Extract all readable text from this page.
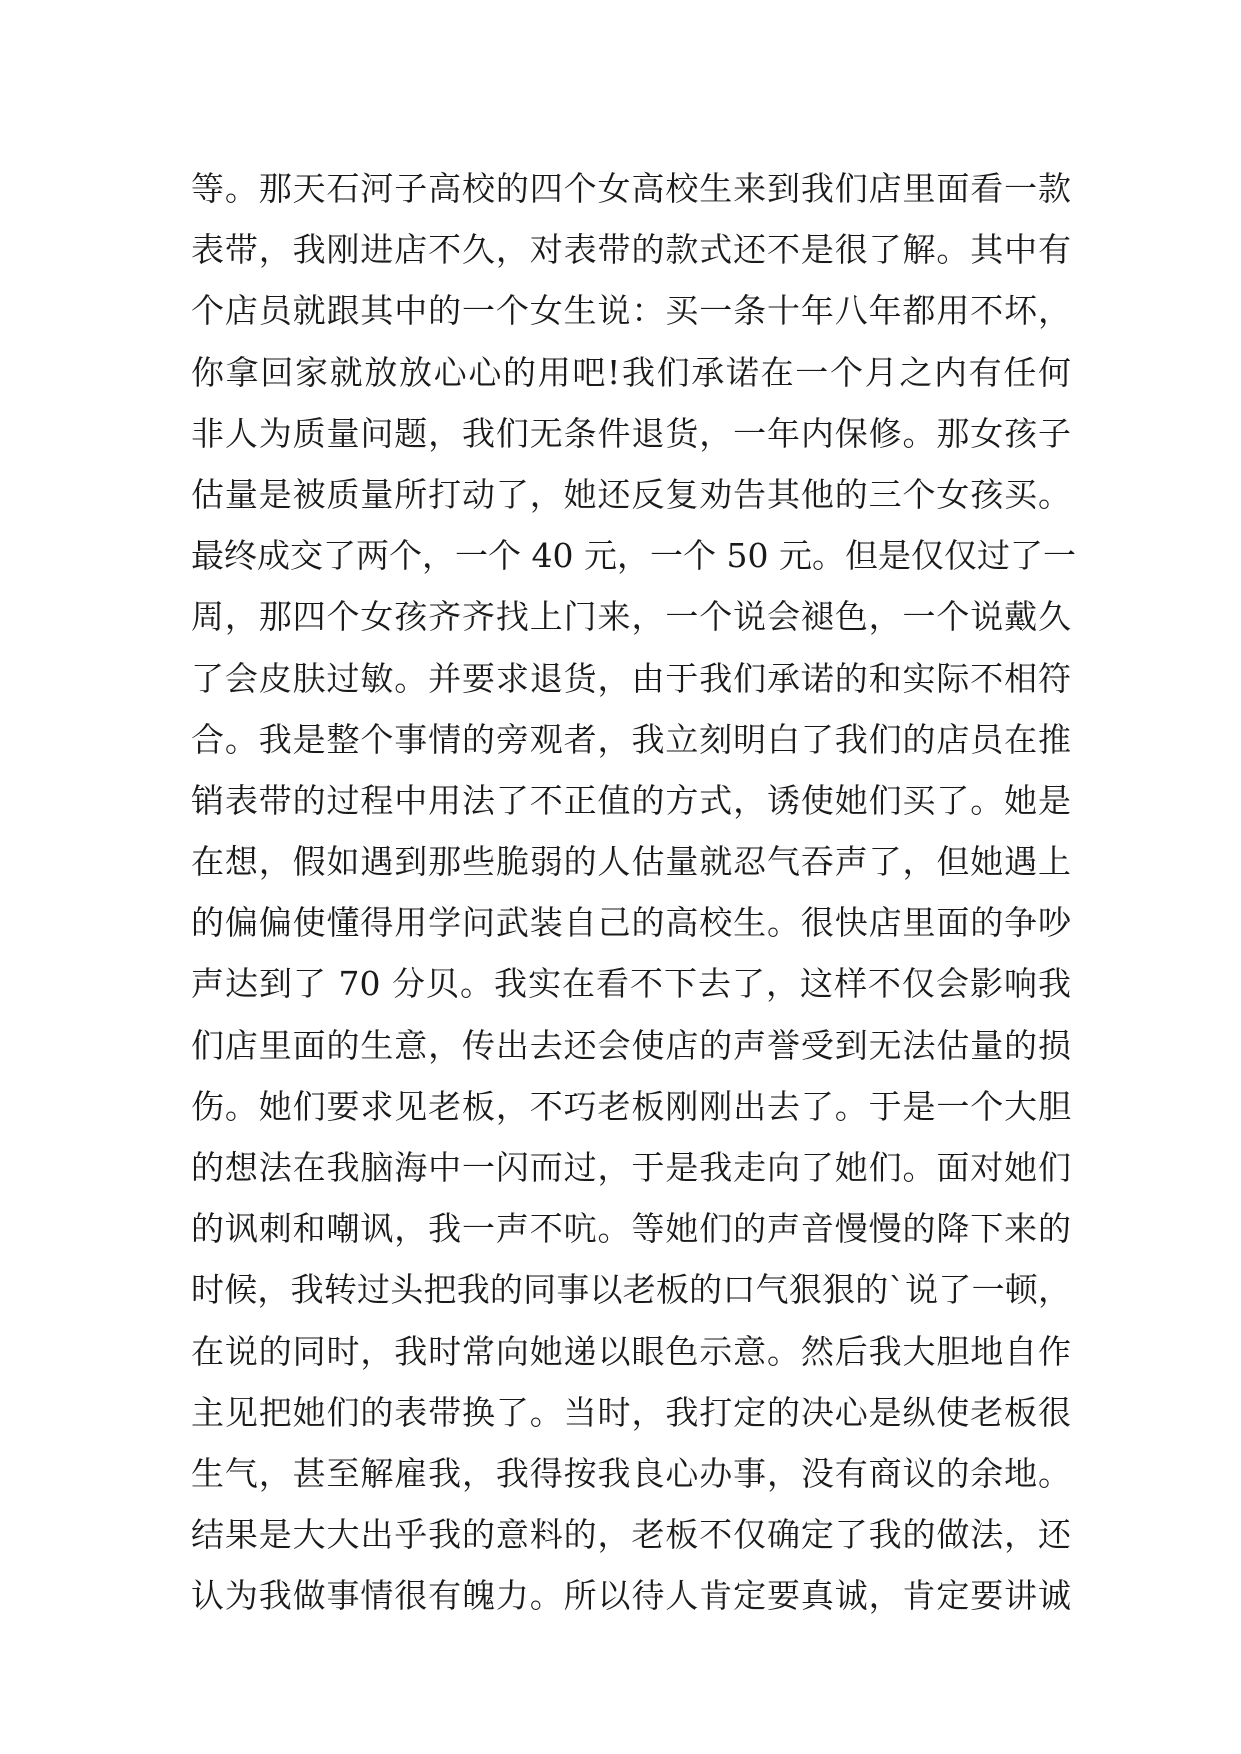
等。那天石河子高校的四个女高校生来到我们店里面看一款
表带，我刚进店不久，对表带的款式还不是很了解。其中有
个店员就跟其中的一个女生说：买一条十年八年都用不坏，
你拿回家就放放心心的用吧!我们承诺在一个月之内有任何
非人为质量问题，我们无条件退货，一年内保修。那女孩子
估量是被质量所打动了，她还反复劝告其他的三个女孩买。
最终成交了两个，一个 40 元，一个 50 元。但是仅仅过了一
周，那四个女孩齐齐找上门来，一个说会褪色，一个说戴久
了会皮肤过敏。并要求退货，由于我们承诺的和实际不相符
合。我是整个事情的旁观者，我立刻明白了我们的店员在推
销表带的过程中用法了不正值的方式，诱使她们买了。她是
在想，假如遇到那些脆弱的人估量就忍气吞声了，但她遇上
的偏偏使懂得用学问武装自己的高校生。很快店里面的争吵
声达到了 70 分贝。我实在看不下去了，这样不仅会影响我
们店里面的生意，传出去还会使店的声誉受到无法估量的损
伤。她们要求见老板，不巧老板刚刚出去了。于是一个大胆
的想法在我脑海中一闪而过，于是我走向了她们。面对她们
的讽刺和嘲讽，我一声不吭。等她们的声音慢慢的降下来的
时候，我转过头把我的同事以老板的口气狠狠的`说了一顿，
在说的同时，我时常向她递以眼色示意。然后我大胆地自作
主见把她们的表带换了。当时，我打定的决心是纵使老板很
生气，甚至解雇我，我得按我良心办事，没有商议的余地。
结果是大大出乎我的意料的，老板不仅确定了我的做法，还
认为我做事情很有魄力。所以待人肯定要真诚，肯定要讲诚
